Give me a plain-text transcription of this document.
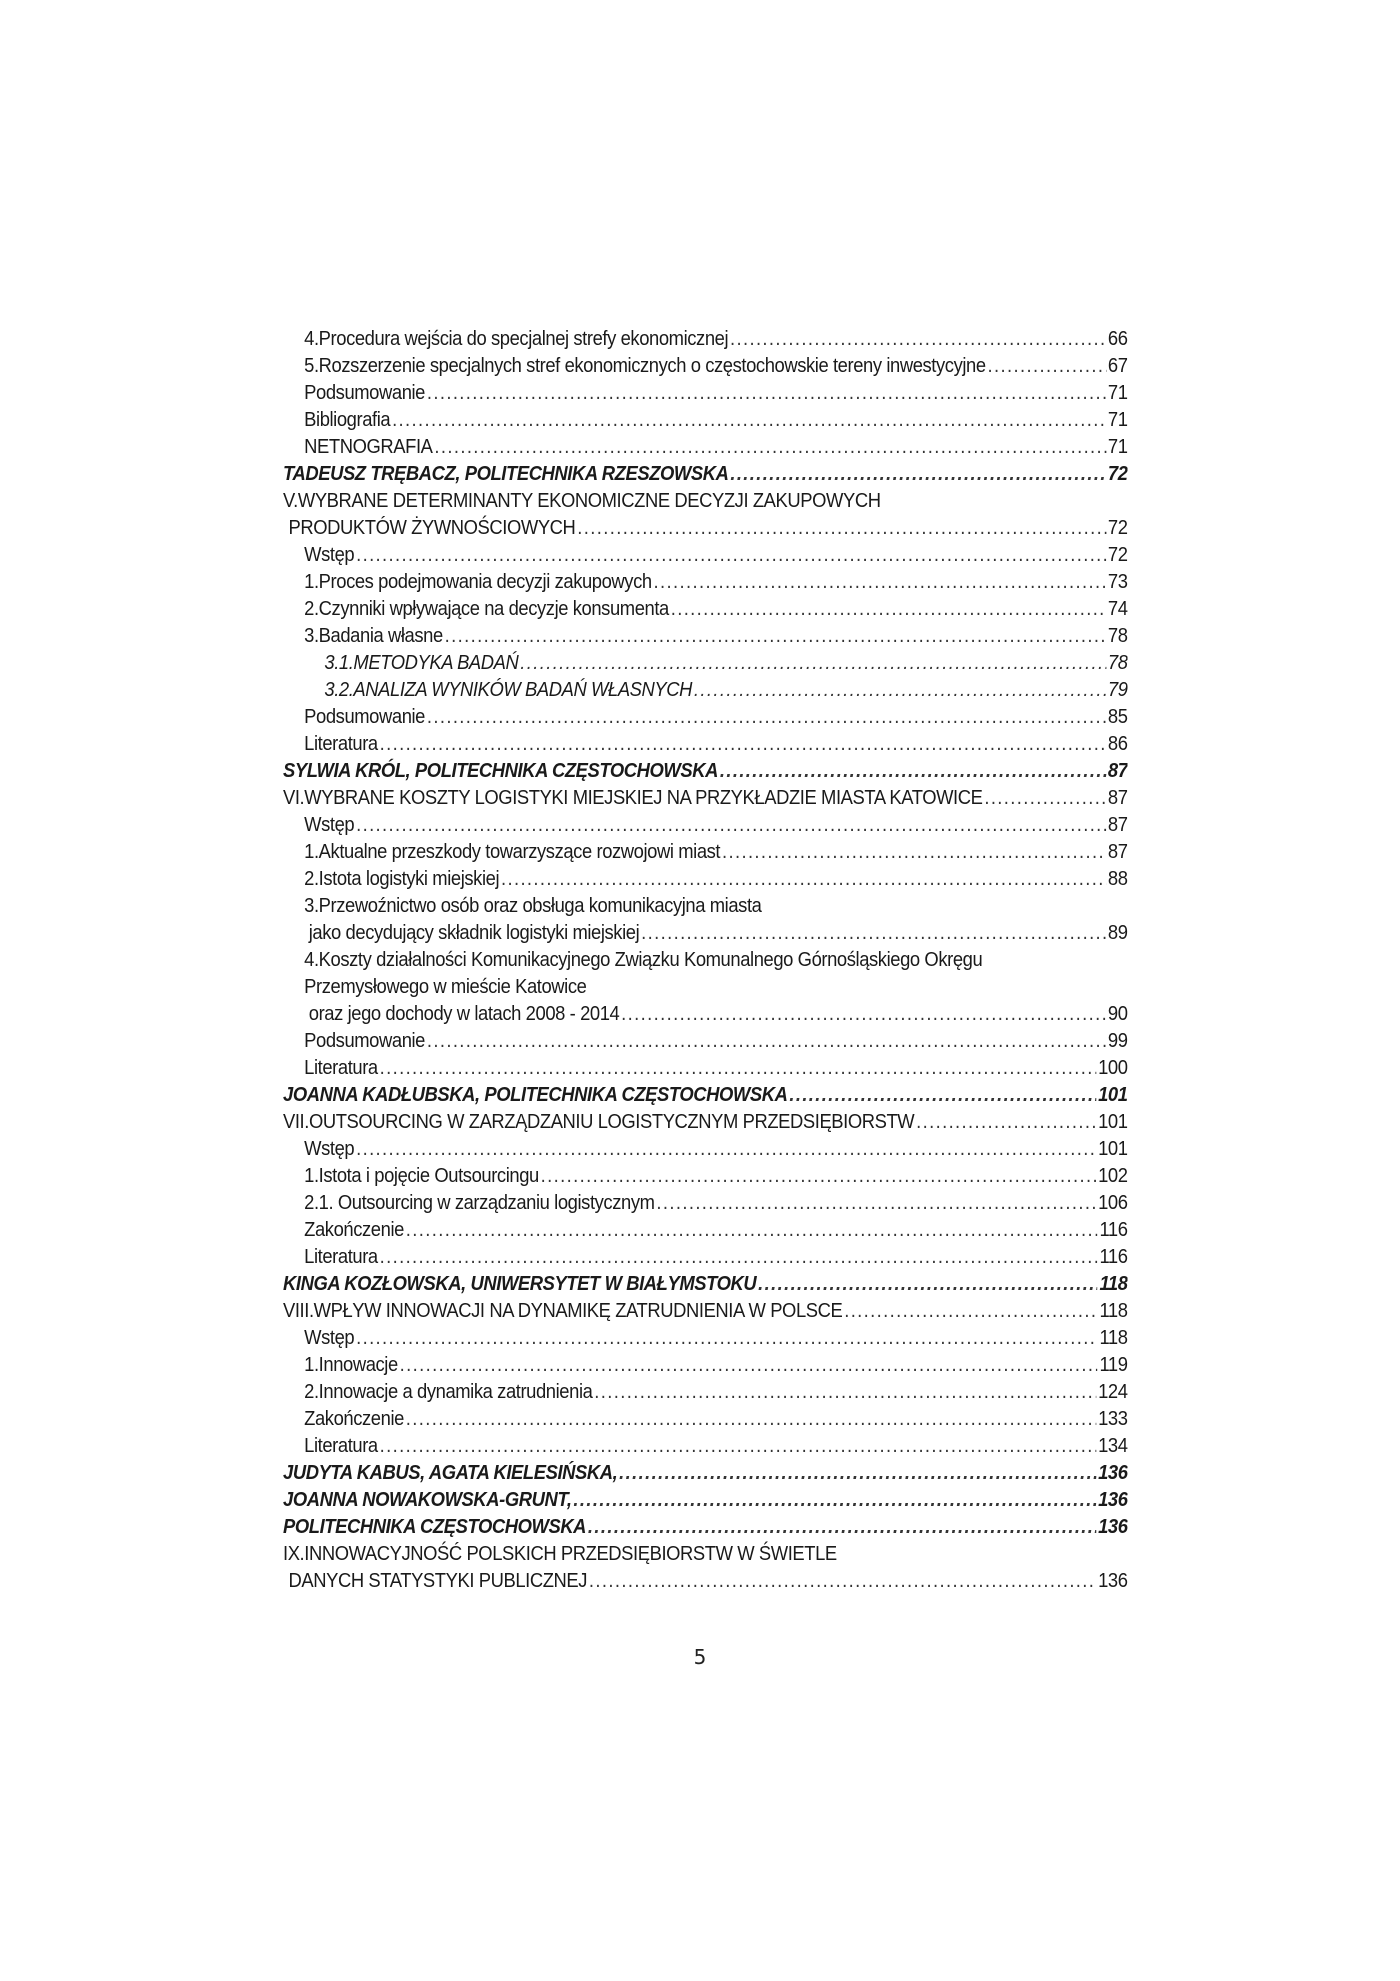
4.Procedura wejścia do specjalnej strefy ekonomicznej .....	66
5.Rozszerzenie specjalnych stref ekonomicznych o częstochowskie tereny inwestycyjne .....	67
Podsumowanie .....	71
Bibliografia .....	71
NETNOGRAFIA .....	71
TADEUSZ TRĘBACZ, POLITECHNIKA RZESZOWSKA .....	72
V.WYBRANE DETERMINANTY EKONOMICZNE DECYZJI ZAKUPOWYCH
PRODUKTÓW ŻYWNOŚCIOWYCH .....	72
Wstęp .....	72
1.Proces podejmowania decyzji zakupowych .....	73
2.Czynniki wpływające na decyzje konsumenta .....	74
3.Badania własne .....	78
3.1.METODYKA BADAŃ .....	78
3.2.ANALIZA WYNIKÓW BADAŃ WŁASNYCH .....	79
Podsumowanie .....	85
Literatura .....	86
SYLWIA KRÓL, POLITECHNIKA CZĘSTOCHOWSKA .....	87
VI.WYBRANE KOSZTY LOGISTYKI MIEJSKIEJ NA PRZYKŁADZIE MIASTA KATOWICE .....	87
Wstęp .....	87
1.Aktualne przeszkody towarzyszące rozwojowi miast .....	87
2.Istota logistyki miejskiej .....	88
3.Przewoźnictwo osób oraz obsługa komunikacyjna miasta
jako decydujący składnik logistyki miejskiej .....	89
4.Koszty działalności Komunikacyjnego Związku Komunalnego Górnośląskiego Okręgu
Przemysłowego w mieście Katowice
oraz jego dochody w latach 2008 - 2014 .....	90
Podsumowanie .....	99
Literatura .....	100
JOANNA KADŁUBSKA, POLITECHNIKA CZĘSTOCHOWSKA .....	101
VII.OUTSOURCING W ZARZĄDZANIU LOGISTYCZNYM PRZEDSIĘBIORSTW .....	101
Wstęp .....	101
1.Istota i pojęcie Outsourcingu .....	102
2.1. Outsourcing w zarządzaniu logistycznym .....	106
Zakończenie .....	116
Literatura .....	116
KINGA KOZŁOWSKA, UNIWERSYTET W BIAŁYMSTOKU .....	118
VIII.WPŁYW INNOWACJI NA DYNAMIKĘ ZATRUDNIENIA W POLSCE .....	118
Wstęp .....	118
1.Innowacje .....	119
2.Innowacje a dynamika zatrudnienia .....	124
Zakończenie .....	133
Literatura .....	134
JUDYTA KABUS, AGATA KIELESIŃSKA, .....	136
JOANNA NOWAKOWSKA-GRUNT, .....	136
POLITECHNIKA CZĘSTOCHOWSKA .....	136
IX.INNOWACYJNOŚĆ POLSKICH PRZEDSIĘBIORSTW W ŚWIETLE
DANYCH STATYSTYKI PUBLICZNEJ .....	136
5
